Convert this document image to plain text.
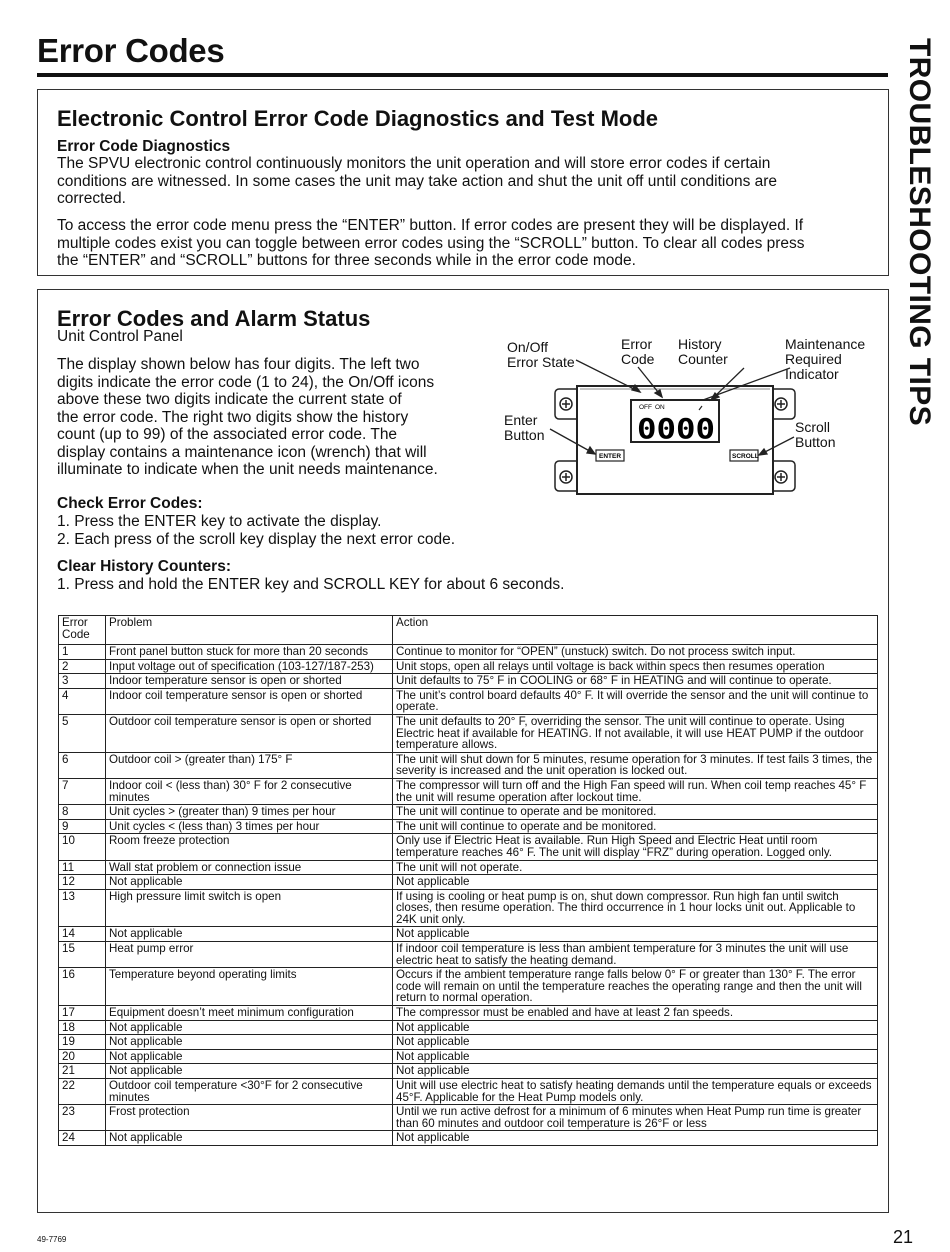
Error Codes	TROUBLESHOOTING TIPS
Electronic Control Error Code Diagnostics and Test Mode
Error Code Diagnostics
The SPVU electronic control continuously monitors the unit operation and will store error codes if certain
conditions are witnessed. In some cases the unit may take action and shut the unit off until conditions are
corrected.
To access the error code menu press the “ENTER” button. If error codes are present they will be displayed. If
multiple codes exist you can toggle between error codes using the “SCROLL” button. To clear all codes press
the “ENTER” and “SCROLL” buttons for three seconds while in the error code mode.
Error Codes and Alarm Status
Unit Control Panel
The display shown below has four digits. The left two
digits indicate the error code (1 to 24), the On/Off icons
above these two digits indicate the current state of
the error code. The right two digits show the history
count (up to 99) of the associated error code. The
display contains a maintenance icon (wrench) that will
illuminate to indicate when the unit needs maintenance.
Check Error Codes:
1. Press the ENTER key to activate the display.
2. Each press of the scroll key display the next error code.
Clear History Counters:
1. Press and hold the ENTER key and SCROLL KEY for about 6 seconds.
On/Off
Error State
Error
Code
History
Counter
Maintenance
Required
Indicator
Enter
Button	Scroll
Button
OFF ON
0000
ENTER	SCROLL
Error
Code	Problem	Action
1	Front panel button stuck for more than 20 seconds	Continue to monitor for “OPEN” (unstuck) switch. Do not process switch input.
2	Input voltage out of specification (103-127/187-253)	Unit stops, open all relays until voltage is back within specs then resumes operation
3	Indoor temperature sensor is open or shorted	Unit defaults to 75° F in COOLING or 68° F in HEATING and will continue to operate.
4	Indoor coil temperature sensor is open or shorted	The unit’s control board defaults 40° F. It will override the sensor and the unit will continue to operate.
5	Outdoor coil temperature sensor is open or shorted	The unit defaults to 20° F, overriding the sensor. The unit will continue to operate. Using Electric heat if available for HEATING. If not available, it will use HEAT PUMP if the outdoor temperature allows.
6	Outdoor coil > (greater than) 175° F	The unit will shut down for 5 minutes, resume operation for 3 minutes. If test fails 3 times, the severity is increased and the unit operation is locked out.
7	Indoor coil < (less than) 30° F for 2 consecutive minutes	The compressor will turn off and the High Fan speed will run. When coil temp reaches 45° F the unit will resume operation after lockout time.
8	Unit cycles > (greater than) 9 times per hour	The unit will continue to operate and be monitored.
9	Unit cycles < (less than) 3 times per hour	The unit will continue to operate and be monitored.
10	Room freeze protection	Only use if Electric Heat is available. Run High Speed and Electric Heat until room temperature reaches 46° F. The unit will display “FRZ” during operation. Logged only.
11	Wall stat problem or connection issue	The unit will not operate.
12	Not applicable	Not applicable
13	High pressure limit switch is open	If using is cooling or heat pump is on, shut down compressor. Run high fan until switch closes, then resume operation. The third occurrence in 1 hour locks unit out. Applicable to 24K unit only.
14	Not applicable	Not applicable
15	Heat pump error	If indoor coil temperature is less than ambient temperature for 3 minutes the unit will use electric heat to satisfy the heating demand.
16	Temperature beyond operating limits	Occurs if the ambient temperature range falls below 0° F or greater than 130° F. The error code will remain on until the temperature reaches the operating range and then the unit will return to normal operation.
17	Equipment doesn’t meet minimum configuration	The compressor must be enabled and have at least 2 fan speeds.
18	Not applicable	Not applicable
19	Not applicable	Not applicable
20	Not applicable	Not applicable
21	Not applicable	Not applicable
22	Outdoor coil temperature <30°F for 2 consecutive minutes	Unit will use electric heat to satisfy heating demands until the temperature equals or exceeds 45°F. Applicable for the Heat Pump models only.
23	Frost protection	Until we run active defrost for a minimum of 6 minutes when Heat Pump run time is greater than 60 minutes and outdoor coil temperature is 26°F or less
24	Not applicable	Not applicable
49-7769	21
